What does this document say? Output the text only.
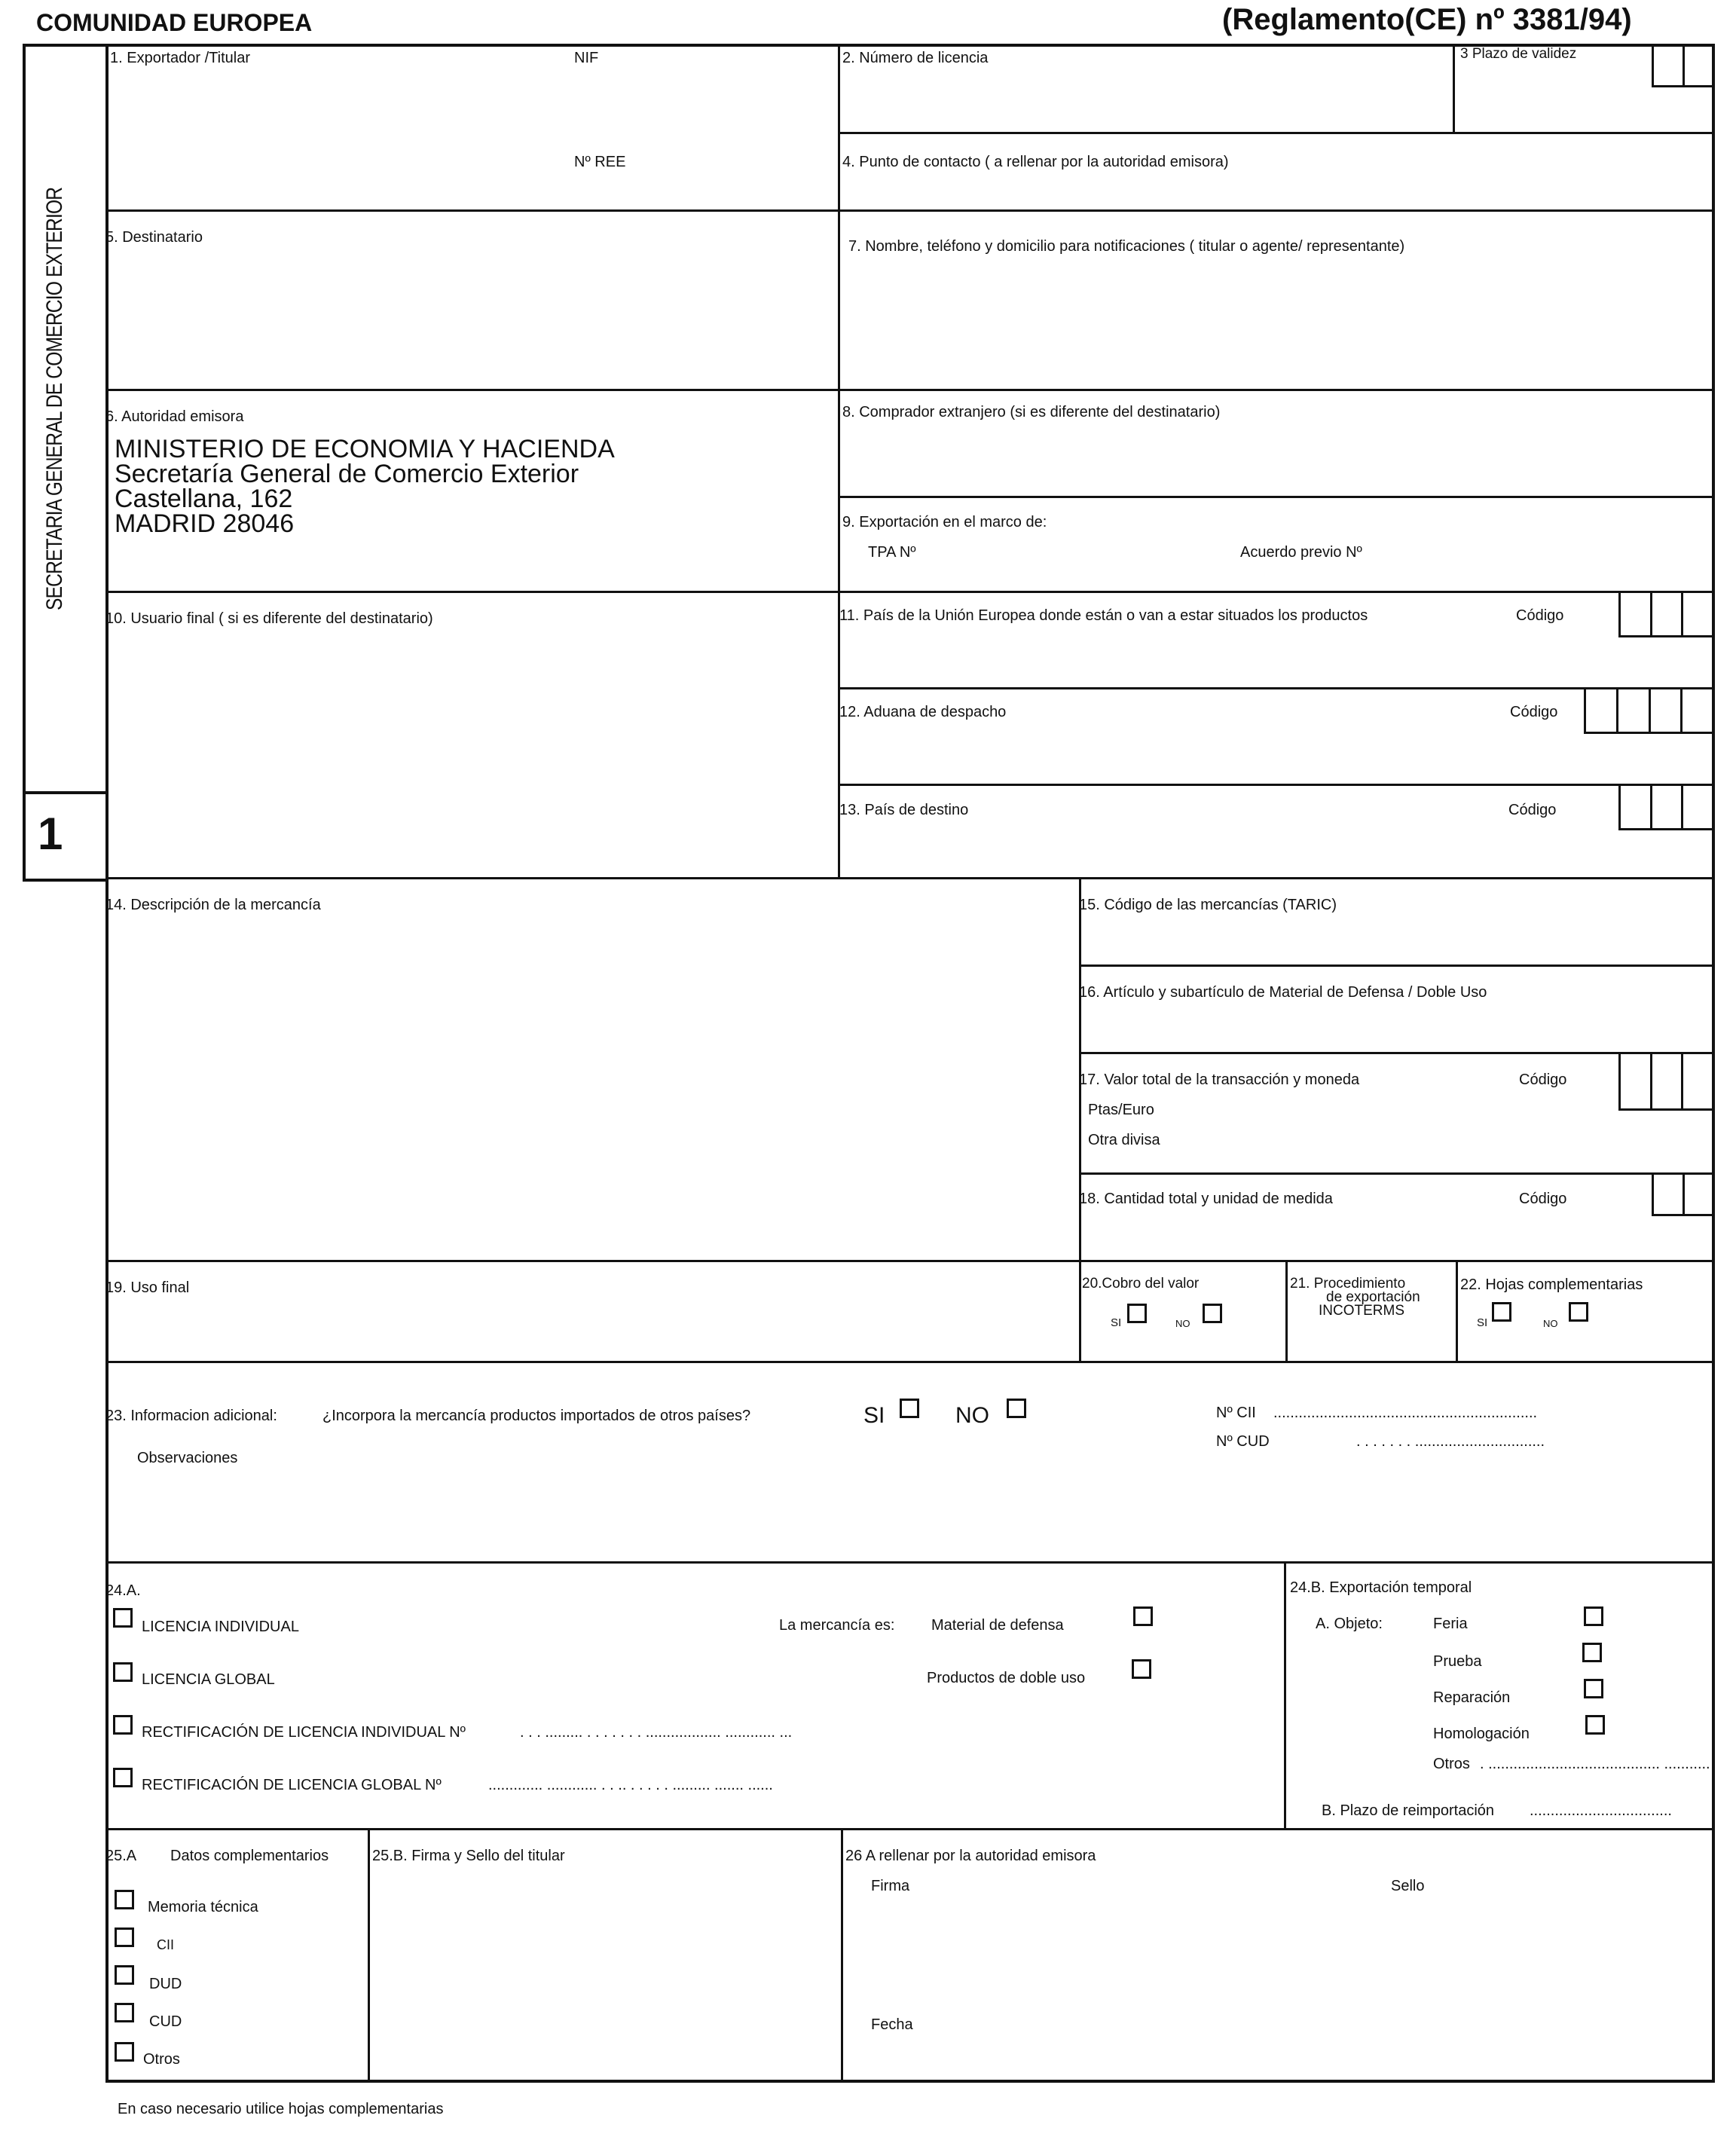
COMUNIDAD EUROPEA	(Reglamento(CE) nº 3381/94)
SECRETARIA GENERAL DE COMERCIO EXTERIOR
1
1. Exportador /Titular	NIF
Nº REE
2. Número de licencia	3 Plazo de validez
4. Punto de contacto ( a rellenar por la autoridad emisora)
5. Destinatario
7. Nombre, teléfono y domicilio para notificaciones ( titular o agente/ representante)
6. Autoridad emisora
MINISTERIO DE ECONOMIA Y HACIENDA
Secretaría General de Comercio Exterior
Castellana, 162
MADRID 28046
8. Comprador extranjero (si es diferente del destinatario)
9. Exportación en el marco de:
TPA Nº	Acuerdo previo Nº
10. Usuario final ( si es diferente del destinatario)	11. País de la Unión Europea donde están o van a estar situados los productos	Código
12. Aduana de despacho	Código
13. País de destino	Código
14. Descripción de la mercancía	15. Código de las mercancías (TARIC)
16. Artículo y subartículo de Material de Defensa / Doble Uso
17. Valor total de la transacción y moneda	Código
Ptas/Euro
Otra divisa
18. Cantidad total y unidad de medida	Código
19. Uso final	20.Cobro del valor
SI	NO
21. Procedimiento
de exportación
INCOTERMS
22. Hojas complementarias
SI	NO
23. Informacion adicional:	¿Incorpora la mercancía productos importados de otros países?	SI	NO	Nº CII ...............................................................
Nº CUD	. . . . . . . ...............................
Observaciones
24.A.
LICENCIA INDIVIDUAL
LICENCIA GLOBAL
RECTIFICACIÓN DE LICENCIA INDIVIDUAL Nº	. . . ......... . . . . . . . .................. ............ ...
RECTIFICACIÓN DE LICENCIA GLOBAL Nº	............. ............ . . .. . . . . . ......... ....... ......
La mercancía es: Material de defensa
Productos de doble uso
24.B. Exportación temporal
A. Objeto:	Feria
Prueba
Reparación
Homologación
Otros . ......................................... ...........
B. Plazo de reimportación ..................................
25.A Datos complementarios
Memoria técnica
CII
DUD
CUD
Otros
25.B. Firma y Sello del titular	26 A rellenar por la autoridad emisora
Firma	Sello
Fecha
En caso necesario utilice hojas complementarias
